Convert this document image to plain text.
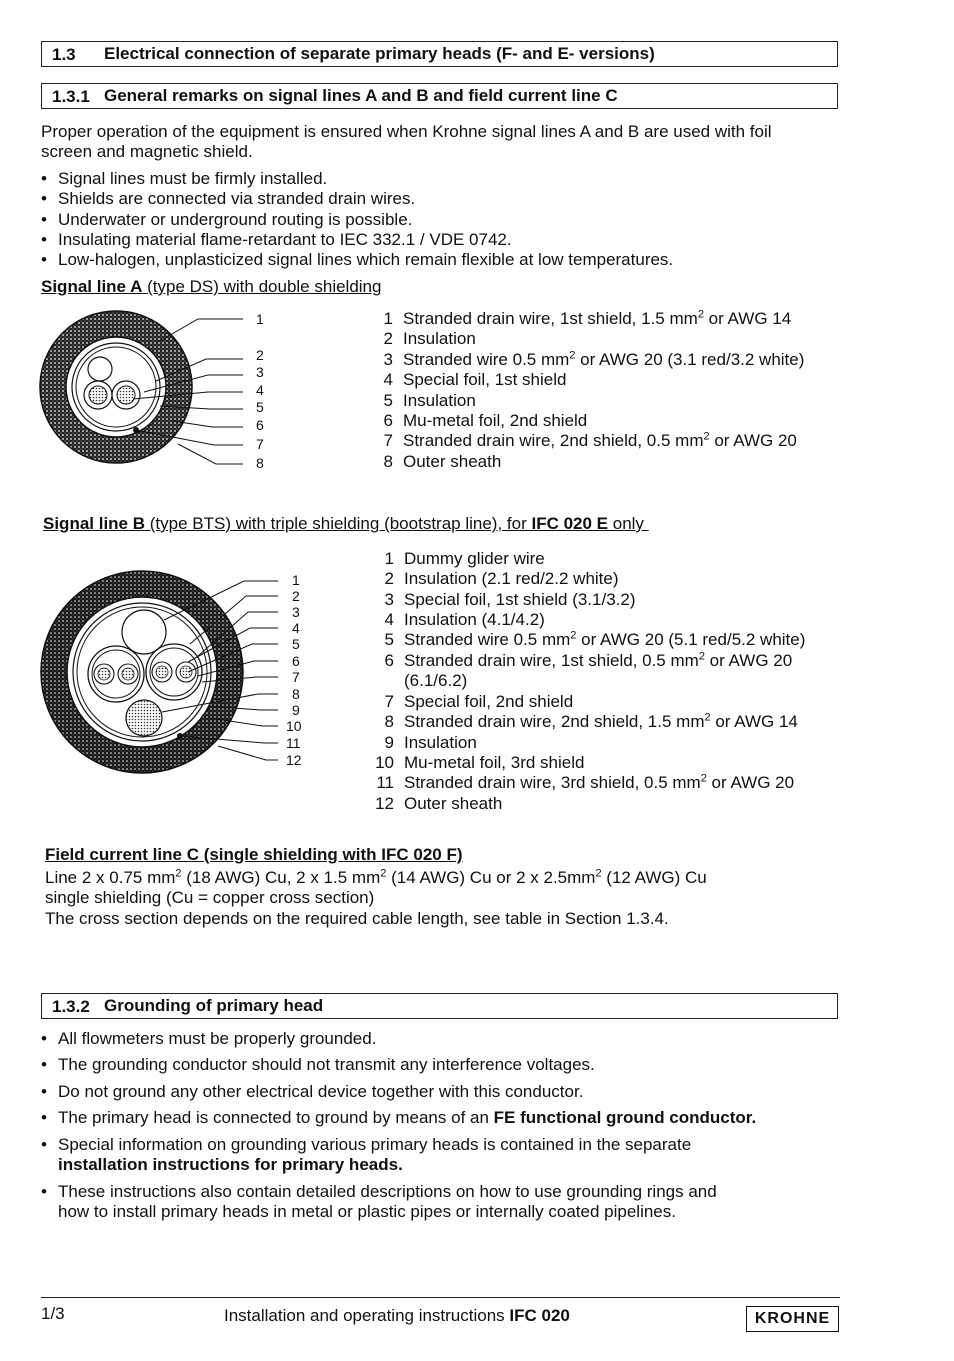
1.3 Electrical connection of separate primary heads (F- and E- versions)
1.3.1 General remarks on signal lines A and B and field current line C
Proper operation of the equipment is ensured when Krohne signal lines A and B are used with foil
screen and magnetic shield.
• Signal lines must be firmly installed.
• Shields are connected via stranded drain wires.
• Underwater or underground routing is possible.
• Insulating material flame-retardant to IEC 332.1 / VDE 0742.
• Low-halogen, unplasticized signal lines which remain flexible at low temperatures.
Signal line A (type DS) with double shielding
1
2
3
4
5
6
7
8
1 Stranded drain wire, 1st shield, 1.5 $mm^2$ or AWG 14
2 Insulation
3 Stranded wire 0.5 $mm^2$ or AWG 20 (3.1 red/3.2 white)
4 Special foil, 1st shield
5 Insulation
6 Mu-metal foil, 2nd shield
7 Stranded drain wire, 2nd shield, 0.5 $mm^2$ or AWG 20
8 Outer sheath
Signal line B (type BTS) with triple shielding (bootstrap line), for IFC 020 E only
1
2
3
4
5
6
7
8
9
10
11
12
1 Dummy glider wire
2 Insulation (2.1 red/2.2 white)
3 Special foil, 1st shield (3.1/3.2)
4 Insulation (4.1/4.2)
5 Stranded wire 0.5 $mm^2$ or AWG 20 (5.1 red/5.2 white)
6 Stranded drain wire, 1st shield, 0.5 $mm^2$ or AWG 20
(6.1/6.2)
7 Special foil, 2nd shield
8 Stranded drain wire, 2nd shield, 1.5 $mm^2$ or AWG 14
9 Insulation
10 Mu-metal foil, 3rd shield
11 Stranded drain wire, 3rd shield, 0.5 $mm^2$ or AWG 20
12 Outer sheath
Field current line C (single shielding with IFC 020 F)
Line 2 x 0.75 $mm^2$ (18 AWG) Cu, 2 x 1.5 $mm^2$ (14 AWG) Cu or 2 x $2.5mm^2$ (12 AWG) Cu
single shielding (Cu = copper cross section)
The cross section depends on the required cable length, see table in Section 1.3.4.
1.3.2 Grounding of primary head
• All flowmeters must be properly grounded.
• The grounding conductor should not transmit any interference voltages.
• Do not ground any other electrical device together with this conductor.
• The primary head is connected to ground by means of an FE functional ground conductor.
• Special information on grounding various primary heads is contained in the separate
installation instructions for primary heads.
• These instructions also contain detailed descriptions on how to use grounding rings and
how to install primary heads in metal or plastic pipes or internally coated pipelines.
1/3	Installation and operating instructions IFC 020	KROHNE
